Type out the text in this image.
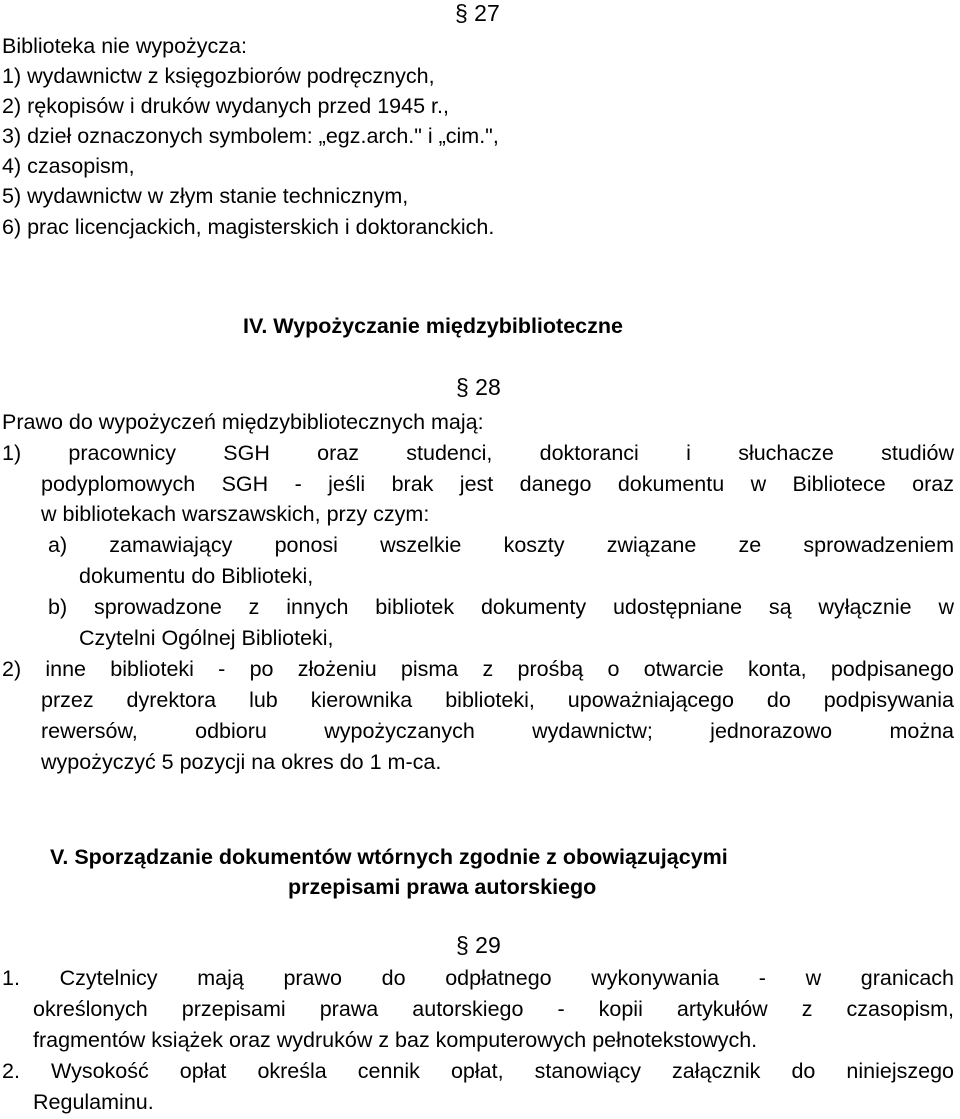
§ 27
Biblioteka nie wypożycza:
1) wydawnictw z księgozbiorów podręcznych,
2) rękopisów i druków wydanych przed 1945 r.,
3) dzieł oznaczonych symbolem: „egz.arch." i „cim.",
4) czasopism,
5) wydawnictw w złym stanie technicznym,
6) prac licencjackich, magisterskich i doktoranckich.
IV. Wypożyczanie międzybiblioteczne
§ 28
Prawo do wypożyczeń międzybibliotecznych mają:
1) pracownicy SGH oraz studenci, doktoranci i słuchacze studiów
podyplomowych SGH - jeśli brak jest danego dokumentu w Bibliotece oraz
w bibliotekach warszawskich, przy czym:
a) zamawiający ponosi wszelkie koszty związane ze sprowadzeniem
dokumentu do Biblioteki,
b) sprowadzone z innych bibliotek dokumenty udostępniane są wyłącznie w
Czytelni Ogólnej Biblioteki,
2) inne biblioteki - po złożeniu pisma z prośbą o otwarcie konta, podpisanego
przez dyrektora lub kierownika biblioteki, upoważniającego do podpisywania
rewersów, odbioru wypożyczanych wydawnictw; jednorazowo można
wypożyczyć 5 pozycji na okres do 1 m-ca.
V. Sporządzanie dokumentów wtórnych zgodnie z obowiązującymi
przepisami prawa autorskiego
§ 29
1. Czytelnicy mają prawo do odpłatnego wykonywania - w granicach
określonych przepisami prawa autorskiego - kopii artykułów z czasopism,
fragmentów książek oraz wydruków z baz komputerowych pełnotekstowych.
2. Wysokość opłat określa cennik opłat, stanowiący załącznik do niniejszego
Regulaminu.
